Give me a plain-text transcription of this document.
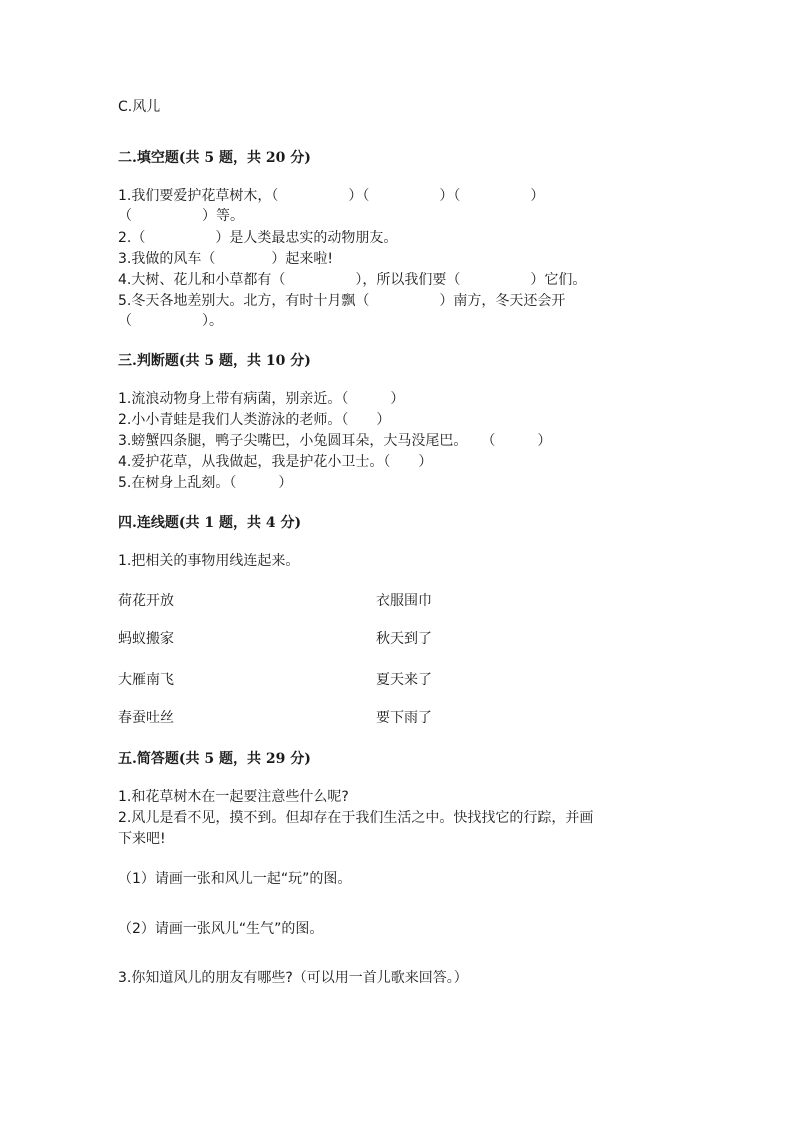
C.风儿
二.填空题(共 5 题，共 20 分)
1.我们要爱护花草树木，（　　　　　）（　　　　　）（　　　　　）
（　　　　　）等。
2.（　　　　　）是人类最忠实的动物朋友。
3.我做的风车（　　　　）起来啦!
4.大树、花儿和小草都有（　　　　　），所以我们要（　　　　　）它们。
5.冬天各地差别大。北方，有时十月飘（　　　　　）南方，冬天还会开
（　　　　　）。
三.判断题(共 5 题，共 10 分)
1.流浪动物身上带有病菌，别亲近。（　　　）
2.小小青蛙是我们人类游泳的老师。（　　）
3.螃蟹四条腿，鸭子尖嘴巴，小兔圆耳朵，大马没尾巴。　　（　　　）
4.爱护花草，从我做起，我是护花小卫士。（　　）
5.在树身上乱刻。（　　　）
四.连线题(共 1 题，共 4 分)
1.把相关的事物用线连起来。
荷花开放	衣服围巾
蚂蚁搬家	秋天到了
大雁南飞	夏天来了
春蚕吐丝	要下雨了
五.简答题(共 5 题，共 29 分)
1.和花草树木在一起要注意些什么呢?
2.风儿是看不见，摸不到。但却存在于我们生活之中。快找找它的行踪，并画
下来吧!
（1）请画一张和风儿一起“玩”的图。
（2）请画一张风儿“生气”的图。
3.你知道风儿的朋友有哪些?（可以用一首儿歌来回答。）
